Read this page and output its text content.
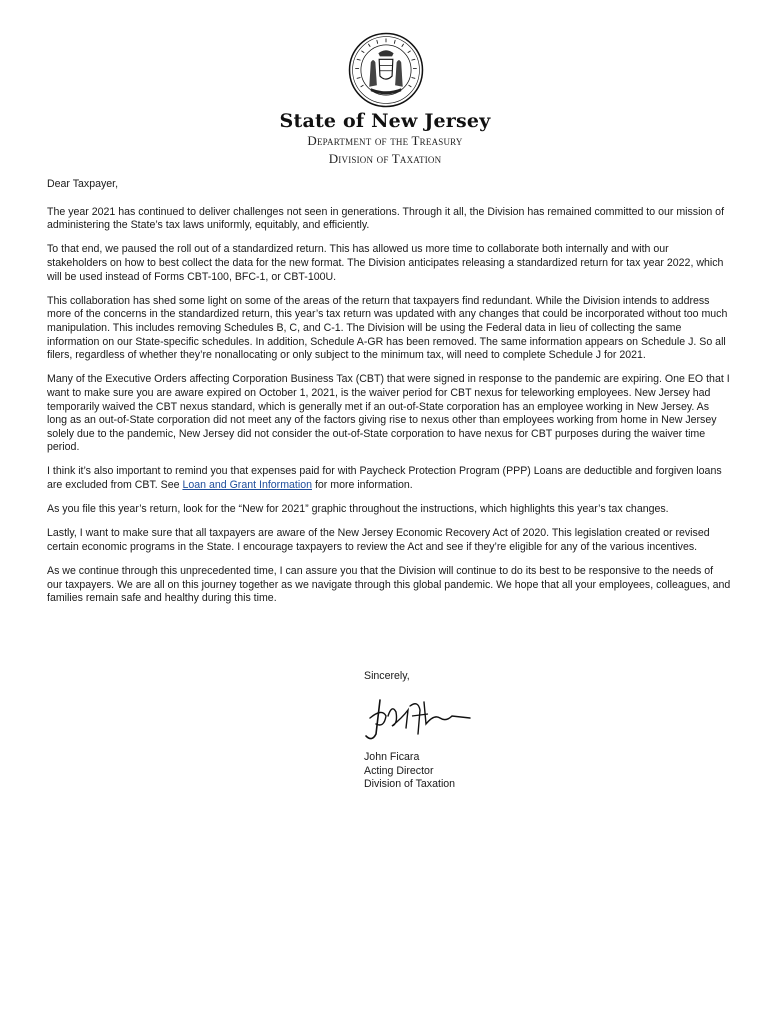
State of New Jersey
Department of the Treasury
Division of Taxation

Dear Taxpayer,

The year 2021 has continued to deliver challenges not seen in generations. Through it all, the Division has remained committed to our mission of administering the State’s tax laws uniformly, equitably, and efficiently.

To that end, we paused the roll out of a standardized return. This has allowed us more time to collaborate both internally and with our stakeholders on how to best collect the data for the new format. The Division anticipates releasing a standardized return for tax year 2022, which will be used instead of Forms CBT-100, BFC-1, or CBT-100U.

This collaboration has shed some light on some of the areas of the return that taxpayers find redundant. While the Division intends to address more of the concerns in the standardized return, this year’s tax return was updated with any changes that could be incorporated without too much manipulation. This includes removing Schedules B, C, and C-1. The Division will be using the Federal data in lieu of collecting the same information on our State-specific schedules. In addition, Schedule A-GR has been removed. The same information appears on Schedule J. So all filers, regardless of whether they’re nonallocating or only subject to the minimum tax, will need to complete Schedule J for 2021.

Many of the Executive Orders affecting Corporation Business Tax (CBT) that were signed in response to the pandemic are expiring. One EO that I want to make sure you are aware expired on October 1, 2021, is the waiver period for CBT nexus for teleworking employees. New Jersey had temporarily waived the CBT nexus standard, which is generally met if an out-of-State corporation has an employee working in New Jersey. As long as an out-of-State corporation did not meet any of the factors giving rise to nexus other than employees working from home in New Jersey solely due to the pandemic, New Jersey did not consider the out-of-State corporation to have nexus for CBT purposes during the waiver time period.

I think it’s also important to remind you that expenses paid for with Paycheck Protection Program (PPP) Loans are deductible and forgiven loans are excluded from CBT. See Loan and Grant Information for more information.

As you file this year’s return, look for the “New for 2021” graphic throughout the instructions, which highlights this year’s tax changes.

Lastly, I want to make sure that all taxpayers are aware of the New Jersey Economic Recovery Act of 2020. This legislation created or revised certain economic programs in the State. I encourage taxpayers to review the Act and see if they’re eligible for any of the various incentives.

As we continue through this unprecedented time, I can assure you that the Division will continue to do its best to be responsive to the needs of our taxpayers. We are all on this journey together as we navigate through this global pandemic. We hope that all your employees, colleagues, and families remain safe and healthy during this time.

Sincerely,
John Ficara
Acting Director
Division of Taxation
